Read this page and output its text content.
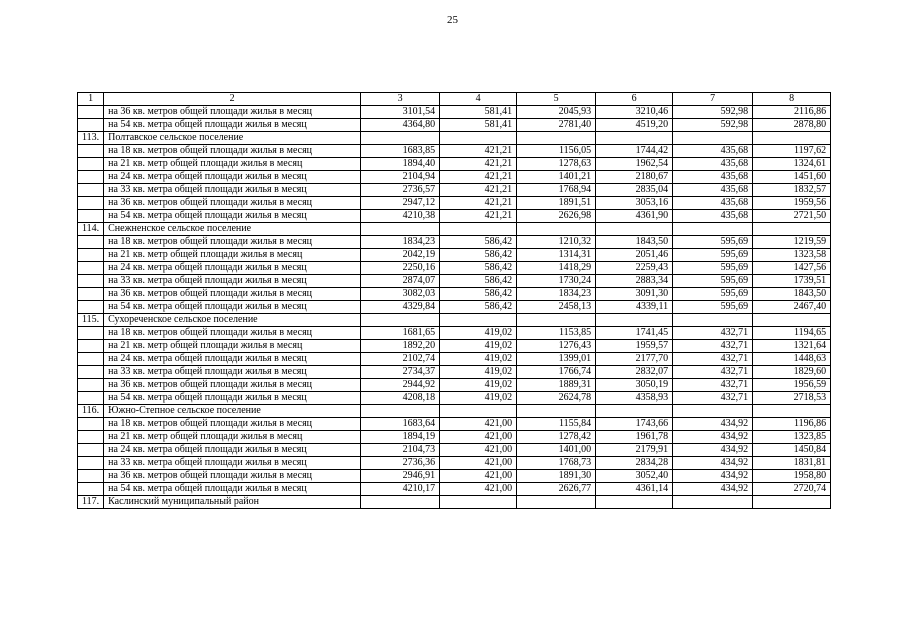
25
1	2	3	4	5	6	7	8
	на 36 кв. метров общей площади жилья в месяц	3101,54	581,41	2045,93	3210,46	592,98	2116,86
	на 54 кв. метра общей площади жилья в месяц	4364,80	581,41	2781,40	4519,20	592,98	2878,80
113.	Полтавское сельское поселение						
	на 18 кв. метров общей площади жилья в месяц	1683,85	421,21	1156,05	1744,42	435,68	1197,62
	на 21 кв. метр общей площади жилья в месяц	1894,40	421,21	1278,63	1962,54	435,68	1324,61
	на 24 кв. метра общей площади жилья в месяц	2104,94	421,21	1401,21	2180,67	435,68	1451,60
	на 33 кв. метра общей площади жилья в месяц	2736,57	421,21	1768,94	2835,04	435,68	1832,57
	на 36 кв. метров общей площади жилья в месяц	2947,12	421,21	1891,51	3053,16	435,68	1959,56
	на 54 кв. метра общей площади жилья в месяц	4210,38	421,21	2626,98	4361,90	435,68	2721,50
114.	Снежненское сельское поселение						
	на 18 кв. метров общей площади жилья в месяц	1834,23	586,42	1210,32	1843,50	595,69	1219,59
	на 21 кв. метр общей площади жилья в месяц	2042,19	586,42	1314,31	2051,46	595,69	1323,58
	на 24 кв. метра общей площади жилья в месяц	2250,16	586,42	1418,29	2259,43	595,69	1427,56
	на 33 кв. метра общей площади жилья в месяц	2874,07	586,42	1730,24	2883,34	595,69	1739,51
	на 36 кв. метров общей площади жилья в месяц	3082,03	586,42	1834,23	3091,30	595,69	1843,50
	на 54 кв. метра общей площади жилья в месяц	4329,84	586,42	2458,13	4339,11	595,69	2467,40
115.	Сухореченское сельское поселение						
	на 18 кв. метров общей площади жилья в месяц	1681,65	419,02	1153,85	1741,45	432,71	1194,65
	на 21 кв. метр общей площади жилья в месяц	1892,20	419,02	1276,43	1959,57	432,71	1321,64
	на 24 кв. метра общей площади жилья в месяц	2102,74	419,02	1399,01	2177,70	432,71	1448,63
	на 33 кв. метра общей площади жилья в месяц	2734,37	419,02	1766,74	2832,07	432,71	1829,60
	на 36 кв. метров общей площади жилья в месяц	2944,92	419,02	1889,31	3050,19	432,71	1956,59
	на 54 кв. метра общей площади жилья в месяц	4208,18	419,02	2624,78	4358,93	432,71	2718,53
116.	Южно-Степное сельское поселение						
	на 18 кв. метров общей площади жилья в месяц	1683,64	421,00	1155,84	1743,66	434,92	1196,86
	на 21 кв. метр общей площади жилья в месяц	1894,19	421,00	1278,42	1961,78	434,92	1323,85
	на 24 кв. метра общей площади жилья в месяц	2104,73	421,00	1401,00	2179,91	434,92	1450,84
	на 33 кв. метра общей площади жилья в месяц	2736,36	421,00	1768,73	2834,28	434,92	1831,81
	на 36 кв. метров общей площади жилья в месяц	2946,91	421,00	1891,30	3052,40	434,92	1958,80
	на 54 кв. метра общей площади жилья в месяц	4210,17	421,00	2626,77	4361,14	434,92	2720,74
117.	Каслинский муниципальный район						
